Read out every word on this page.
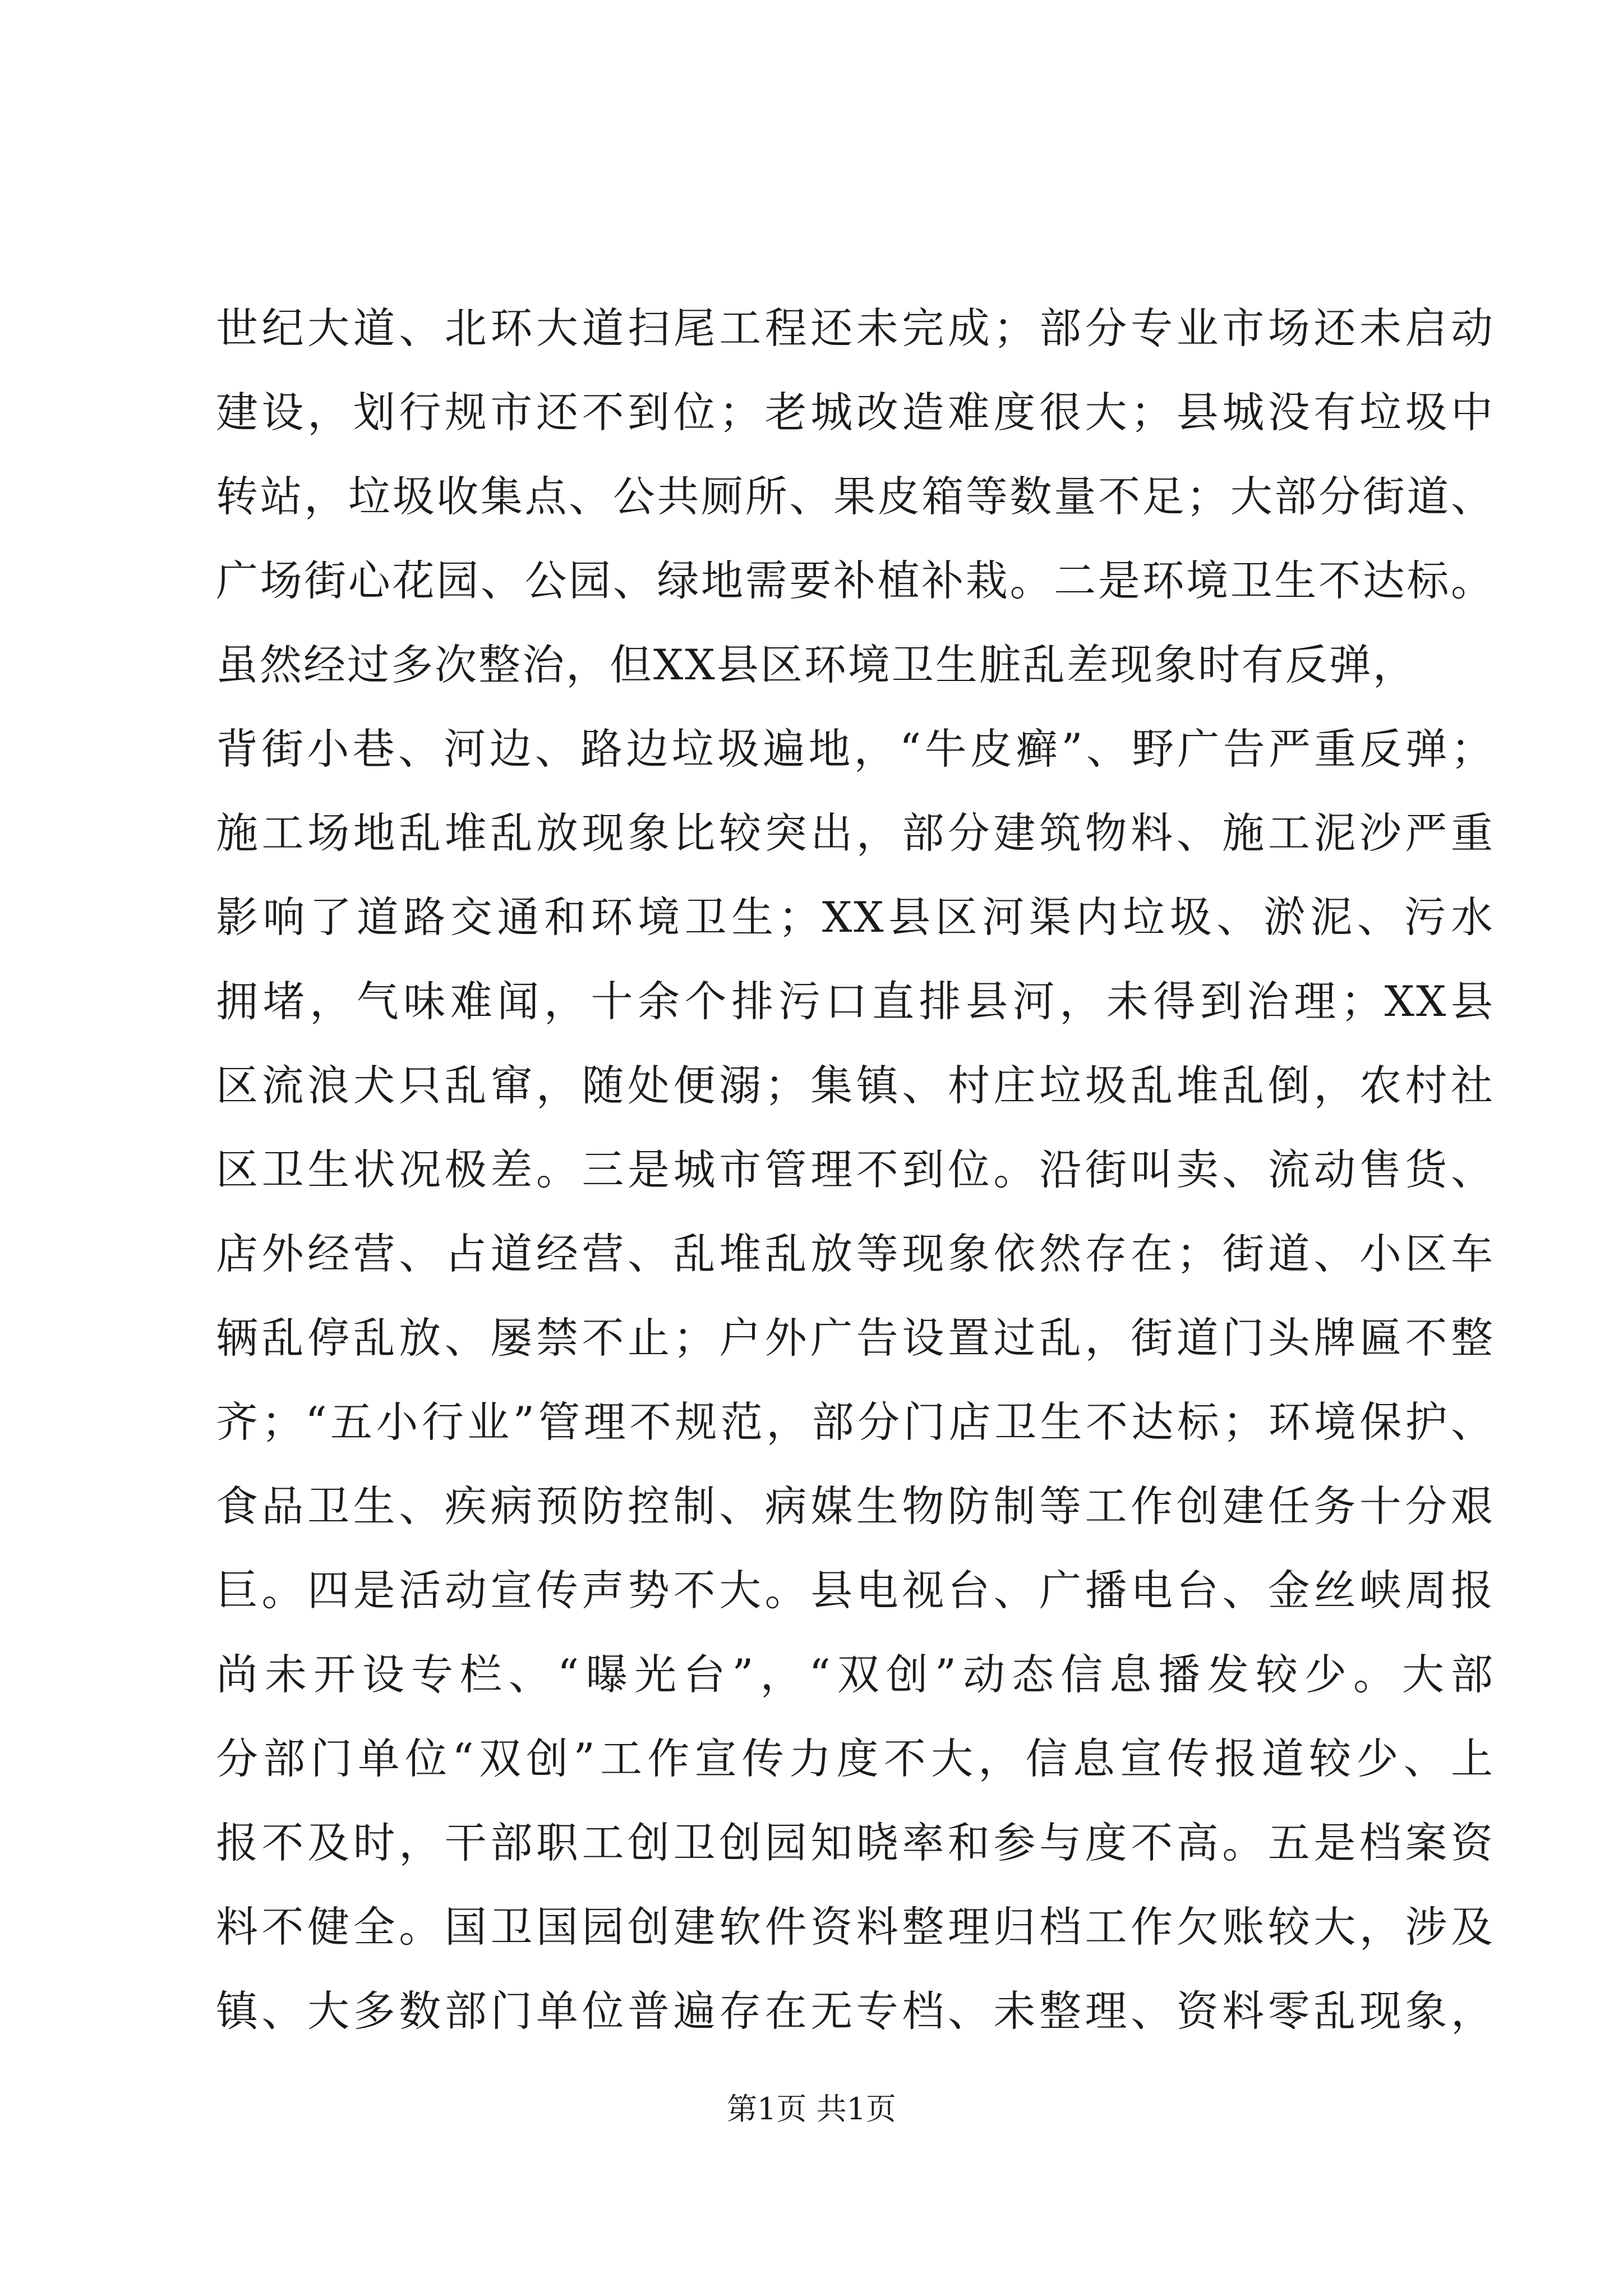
世纪大道、北环大道扫尾工程还未完成；部分专业市场还未启动
建设，划行规市还不到位；老城改造难度很大；县城没有垃圾中
转站，垃圾收集点、公共厕所、果皮箱等数量不足；大部分街道、
广场街心花园、公园、绿地需要补植补栽。二是环境卫生不达标。
虽然经过多次整治，但XX县区环境卫生脏乱差现象时有反弹，
背街小巷、河边、路边垃圾遍地，“牛皮癣”、野广告严重反弹；
施工场地乱堆乱放现象比较突出，部分建筑物料、施工泥沙严重
影响了道路交通和环境卫生；XX县区河渠内垃圾、淤泥、污水
拥堵，气味难闻，十余个排污口直排县河，未得到治理；XX县
区流浪犬只乱窜，随处便溺；集镇、村庄垃圾乱堆乱倒，农村社
区卫生状况极差。三是城市管理不到位。沿街叫卖、流动售货、
店外经营、占道经营、乱堆乱放等现象依然存在；街道、小区车
辆乱停乱放、屡禁不止；户外广告设置过乱，街道门头牌匾不整
齐；“五小行业”管理不规范，部分门店卫生不达标；环境保护、
食品卫生、疾病预防控制、病媒生物防制等工作创建任务十分艰
巨。四是活动宣传声势不大。县电视台、广播电台、金丝峡周报
尚未开设专栏、“曝光台”，“双创”动态信息播发较少。大部
分部门单位“双创”工作宣传力度不大，信息宣传报道较少、上
报不及时，干部职工创卫创园知晓率和参与度不高。五是档案资
料不健全。国卫国园创建软件资料整理归档工作欠账较大，涉及
镇、大多数部门单位普遍存在无专档、未整理、资料零乱现象，
第1页 共1页
